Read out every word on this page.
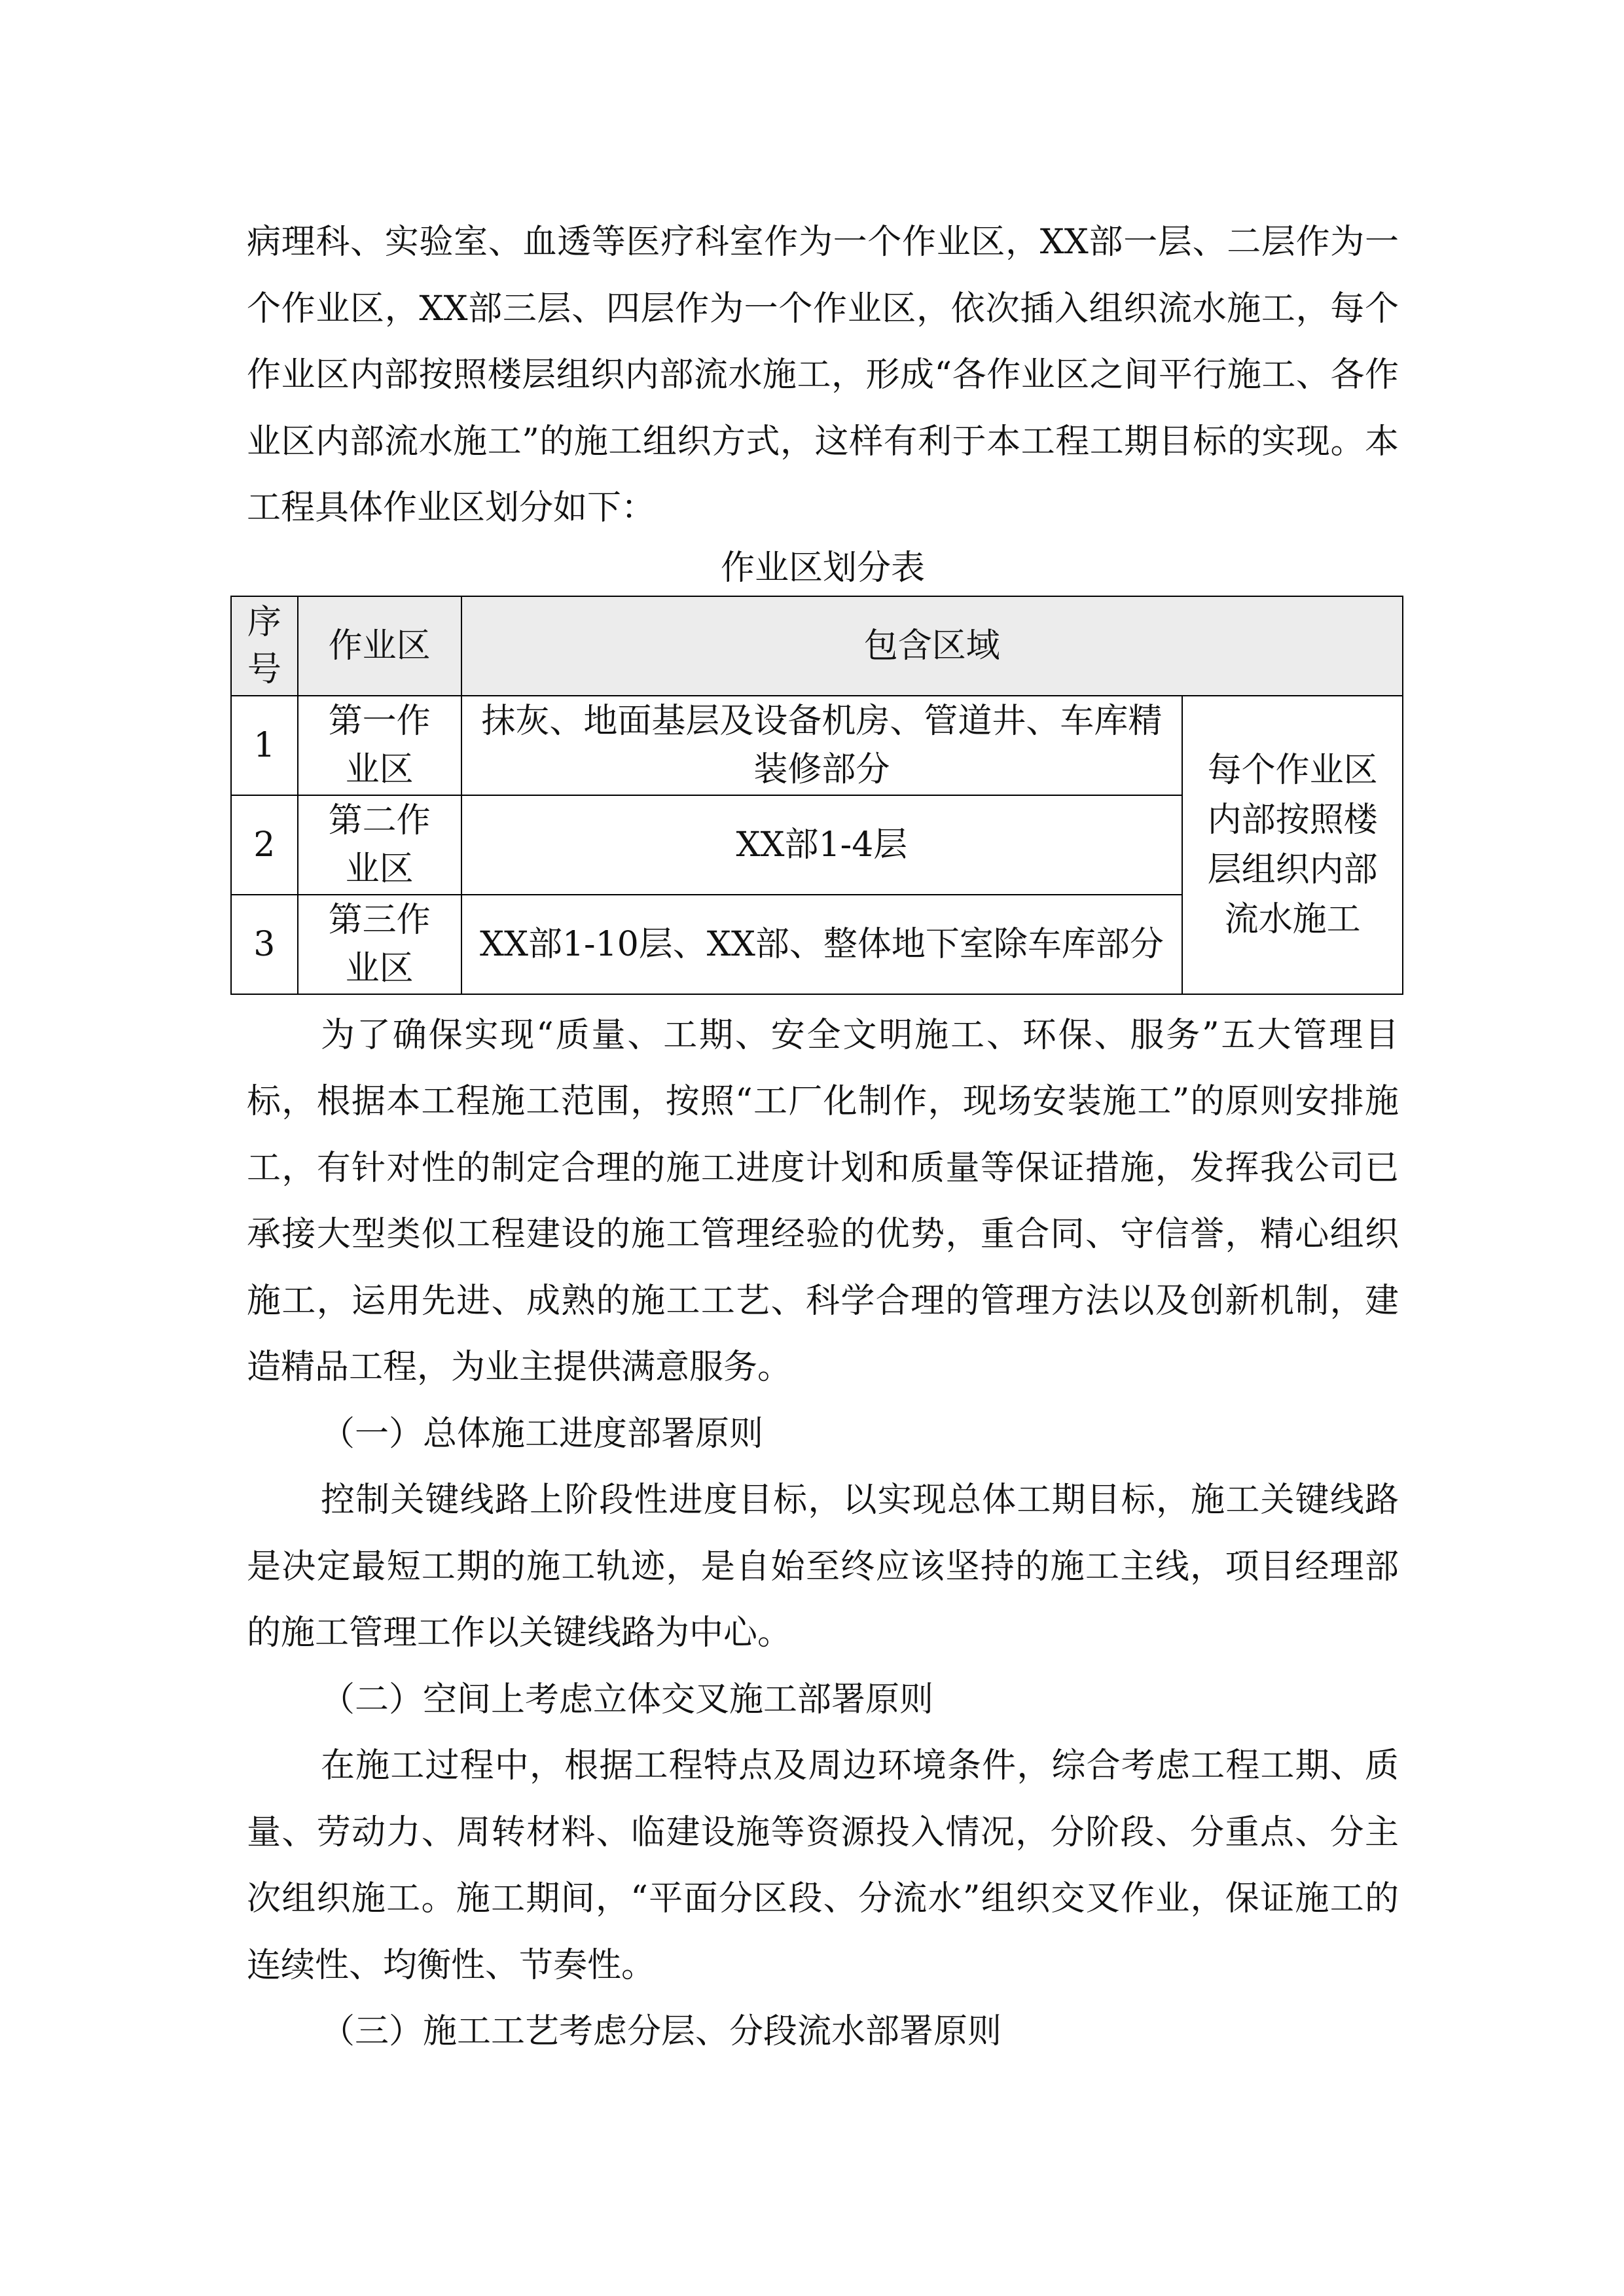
病理科、实验室、血透等医疗科室作为一个作业区，XX部一层、二层作为一个作业区，XX部三层、四层作为一个作业区，依次插入组织流水施工，每个作业区内部按照楼层组织内部流水施工，形成“各作业区之间平行施工、各作业区内部流水施工”的施工组织方式，这样有利于本工程工期目标的实现。本工程具体作业区划分如下：

作业区划分表
序号	作业区	包含区域	
1	第一作业区	抹灰、地面基层及设备机房、管道井、车库精装修部分	每个作业区内部按照楼层组织内部流水施工
2	第二作业区	XX部1-4层	
3	第三作业区	XX部1-10层、XX部、整体地下室除车库部分	

为了确保实现“质量、工期、安全文明施工、环保、服务”五大管理目标，根据本工程施工范围，按照“工厂化制作，现场安装施工”的原则安排施工，有针对性的制定合理的施工进度计划和质量等保证措施，发挥我公司已承接大型类似工程建设的施工管理经验的优势，重合同、守信誉，精心组织施工，运用先进、成熟的施工工艺、科学合理的管理方法以及创新机制，建造精品工程，为业主提供满意服务。

（一）总体施工进度部署原则

控制关键线路上阶段性进度目标，以实现总体工期目标，施工关键线路是决定最短工期的施工轨迹，是自始至终应该坚持的施工主线，项目经理部的施工管理工作以关键线路为中心。

（二）空间上考虑立体交叉施工部署原则

在施工过程中，根据工程特点及周边环境条件，综合考虑工程工期、质量、劳动力、周转材料、临建设施等资源投入情况，分阶段、分重点、分主次组织施工。施工期间，“平面分区段、分流水”组织交叉作业，保证施工的连续性、均衡性、节奏性。

（三）施工工艺考虑分层、分段流水部署原则
